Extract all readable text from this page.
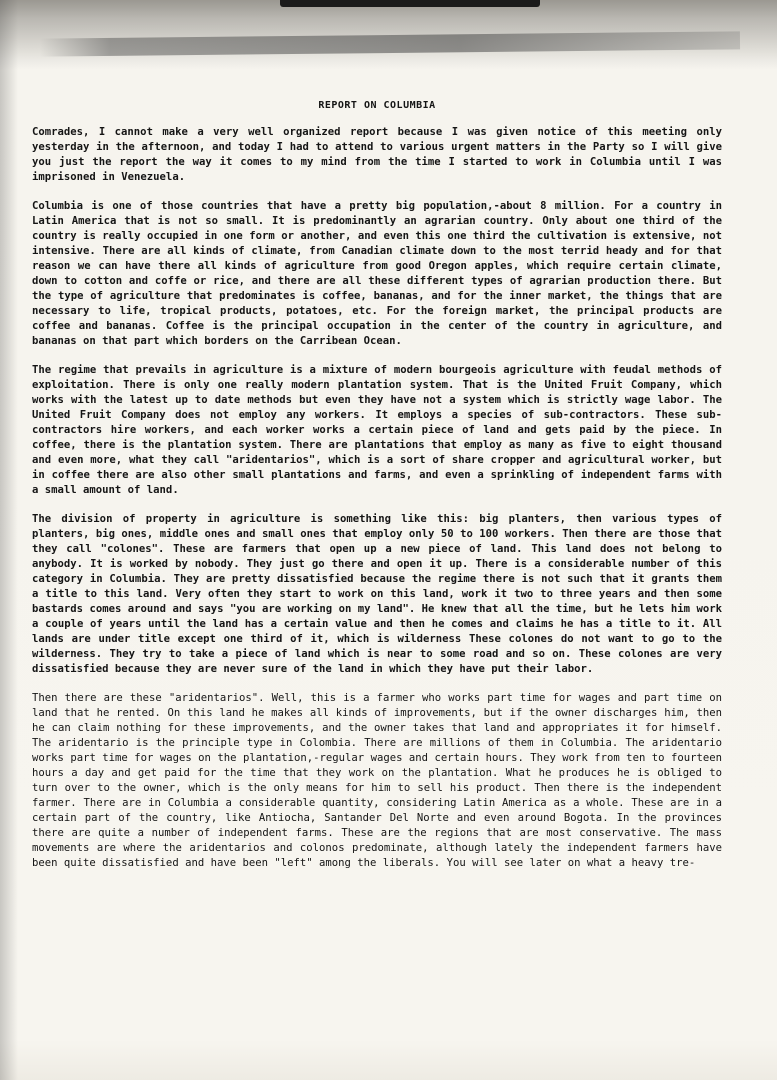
REPORT ON COLUMBIA

Comrades, I cannot make a very well organized report because I was given notice of this meeting only yesterday in the afternoon, and today I had to attend to various urgent matters in the Party so I will give you just the report the way it comes to my mind from the time I started to work in Columbia until I was imprisoned in Venezuela.

Columbia is one of those countries that have a pretty big population,-about 8 million. For a country in Latin America that is not so small. It is predominantly an agrarian country. Only about one third of the country is really occupied in one form or another, and even this one third the cultivation is extensive, not intensive. There are all kinds of climate, from Canadian climate down to the most terrid heady and for that reason we can have there all kinds of agriculture from good Oregon apples, which require certain climate, down to cotton and coffe or rice, and there are all these different types of agrarian production there. But the type of agriculture that predominates is coffee, bananas, and for the inner market, the things that are necessary to life, tropical products, potatoes, etc. For the foreign market, the principal products are coffee and bananas. Coffee is the principal occupation in the center of the country in agriculture, and bananas on that part which borders on the Carribean Ocean.

The regime that prevails in agriculture is a mixture of modern bourgeois agriculture with feudal methods of exploitation. There is only one really modern plantation system. That is the United Fruit Company, which works with the latest up to date methods but even they have not a system which is strictly wage labor. The United Fruit Company does not employ any workers. It employs a species of sub-contractors. These sub-contractors hire workers, and each worker works a certain piece of land and gets paid by the piece. In coffee, there is the plantation system. There are plantations that employ as many as five to eight thousand and even more, what they call "aridentarios", which is a sort of share cropper and agricultural worker, but in coffee there are also other small plantations and farms, and even a sprinkling of independent farms with a small amount of land.

The division of property in agriculture is something like this: big planters, then various types of planters, big ones, middle ones and small ones that employ only 50 to 100 workers. Then there are those that they call "colones". These are farmers that open up a new piece of land. This land does not belong to anybody. It is worked by nobody. They just go there and open it up. There is a considerable number of this category in Columbia. They are pretty dissatisfied because the regime there is not such that it grants them a title to this land. Very often they start to work on this land, work it two to three years and then some bastards comes around and says "you are working on my land". He knew that all the time, but he lets him work a couple of years until the land has a certain value and then he comes and claims he has a title to it. All lands are under title except one third of it, which is wilderness These colones do not want to go to the wilderness. They try to take a piece of land which is near to some road and so on. These colones are very dissatisfied because they are never sure of the land in which they have put their labor.

Then there are these "aridentarios". Well, this is a farmer who works part time for wages and part time on land that he rented. On this land he makes all kinds of improvements, but if the owner discharges him, then he can claim nothing for these improvements, and the owner takes that land and appropriates it for himself. The aridentario is the principle type in Colombia. There are millions of them in Columbia. The aridentario works part time for wages on the plantation,-regular wages and certain hours. They work from ten to fourteen hours a day and get paid for the time that they work on the plantation. What he produces he is obliged to turn over to the owner, which is the only means for him to sell his product. Then there is the independent farmer. There are in Columbia a considerable quantity, considering Latin America as a whole. These are in a certain part of the country, like Antiocha, Santander Del Norte and even around Bogota. In the provinces there are quite a number of independent farms. These are the regions that are most conservative. The mass movements are where the aridentarios and colonos predominate, although lately the independent farmers have been quite dissatisfied and have been "left" among the liberals. You will see later on what a heavy tre-
